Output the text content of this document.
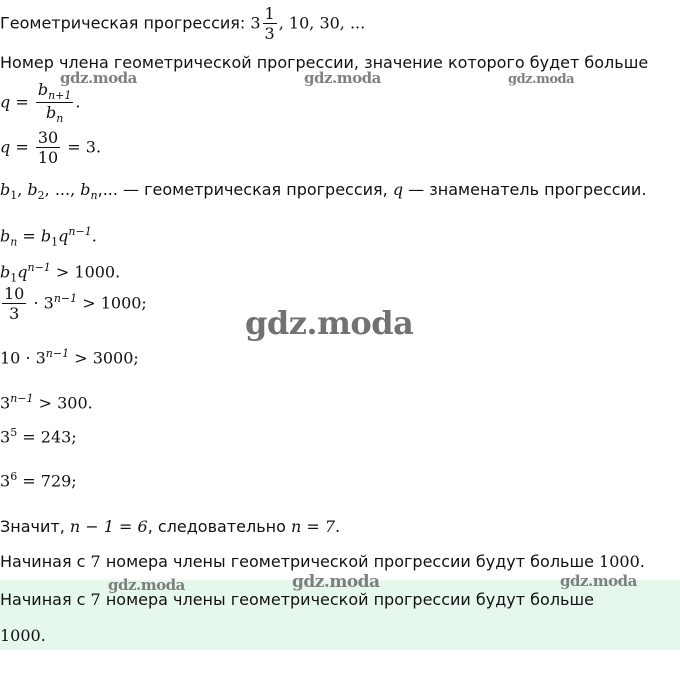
Геометрическая прогрессия: $3 \frac{1}{3}$ , 10, 30, ...
Номер члена геометрической прогрессии, значение которого будет больше
$q = \frac{b_{n+1}}{b_n}$ .
$q = \frac{30}{10} = 3$.
$b_1$, $b_2$, ..., $b_n$,... — геометрическая прогрессия, q — знаменатель прогрессии.
$b_n = b_1q^{n-1}$.
$b_1q^{n-1} > 1000$.
$\frac{10}{3} \cdot 3^{n-1} > 1000$;
$10 \cdot 3^{n-1} > 3000$;
$3^{n-1} > 300$.
$3^5 = 243$;
$3^6 = 729$;
Значит, n − 1 = 6, следовательно n = 7.
Начиная с 7 номера члены геометрической прогрессии будут больше 1000.
Начиная с 7 номера члены геометрической прогрессии будут больше
1000.
gdz.moda	gdz.moda	gdz.moda
gdz.moda
gdz.moda	gdz.moda	gdz.moda
